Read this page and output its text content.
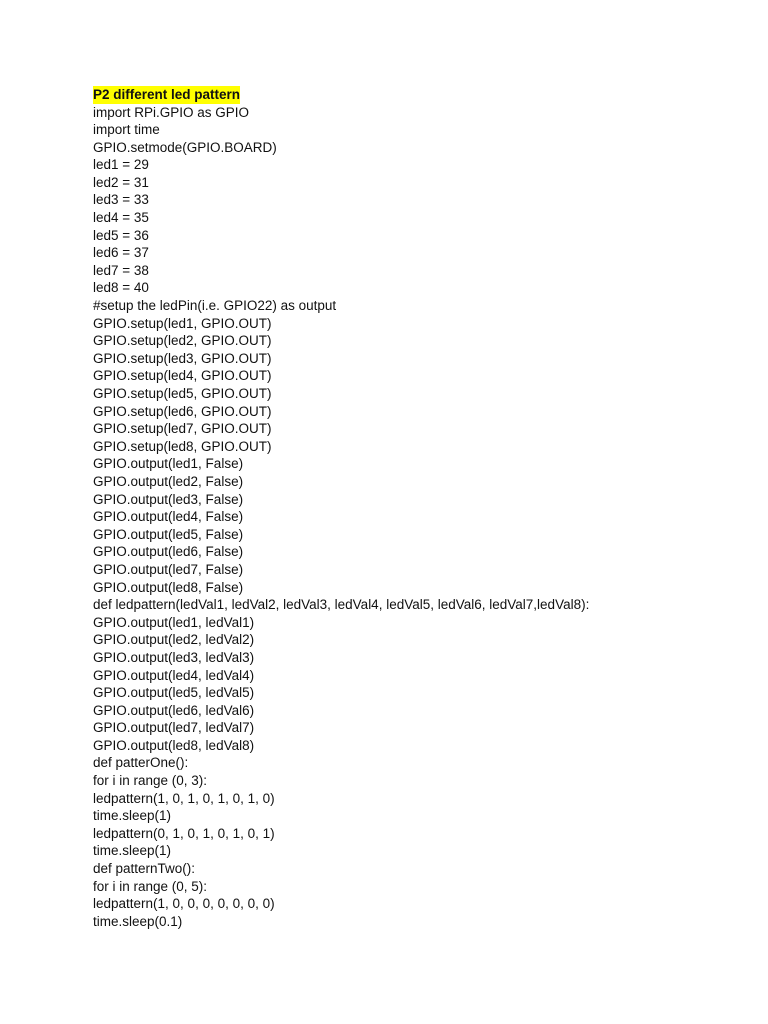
P2 different led pattern
import RPi.GPIO as GPIO
import time
GPIO.setmode(GPIO.BOARD)
led1 = 29
led2 = 31
led3 = 33
led4 = 35
led5 = 36
led6 = 37
led7 = 38
led8 = 40
#setup the ledPin(i.e. GPIO22) as output
GPIO.setup(led1, GPIO.OUT)
GPIO.setup(led2, GPIO.OUT)
GPIO.setup(led3, GPIO.OUT)
GPIO.setup(led4, GPIO.OUT)
GPIO.setup(led5, GPIO.OUT)
GPIO.setup(led6, GPIO.OUT)
GPIO.setup(led7, GPIO.OUT)
GPIO.setup(led8, GPIO.OUT)
GPIO.output(led1, False)
GPIO.output(led2, False)
GPIO.output(led3, False)
GPIO.output(led4, False)
GPIO.output(led5, False)
GPIO.output(led6, False)
GPIO.output(led7, False)
GPIO.output(led8, False)
def ledpattern(ledVal1, ledVal2, ledVal3, ledVal4, ledVal5, ledVal6, ledVal7,ledVal8):
GPIO.output(led1, ledVal1)
GPIO.output(led2, ledVal2)
GPIO.output(led3, ledVal3)
GPIO.output(led4, ledVal4)
GPIO.output(led5, ledVal5)
GPIO.output(led6, ledVal6)
GPIO.output(led7, ledVal7)
GPIO.output(led8, ledVal8)
def patterOne():
for i in range (0, 3):
ledpattern(1, 0, 1, 0, 1, 0, 1, 0)
time.sleep(1)
ledpattern(0, 1, 0, 1, 0, 1, 0, 1)
time.sleep(1)
def patternTwo():
for i in range (0, 5):
ledpattern(1, 0, 0, 0, 0, 0, 0, 0)
time.sleep(0.1)
